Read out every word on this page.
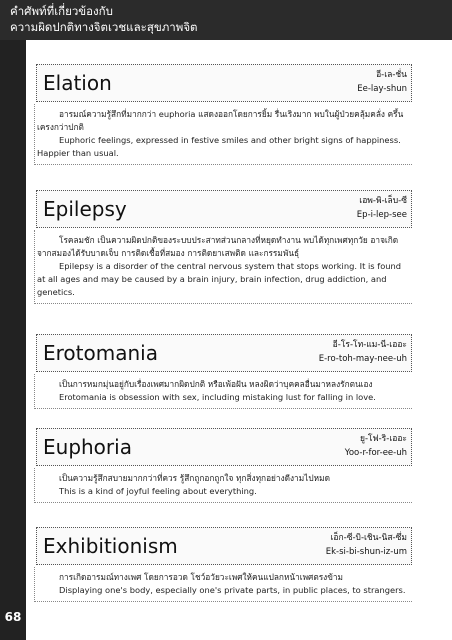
68

คำศัพท์ที่เกี่ยวข้องกับ
ความผิดปกติทางจิตเวชและสุขภาพจิต

Elation	อี-เล-ชั่น
Ee-lay-shun

อารมณ์ความรู้สึกที่มากกว่า euphoria แสดงออกโดยการยิ้ม รื่นเริงมาก พบในผู้ป่วยคลุ้มคลั่ง ครึ้นเครงกว่าปกติ

Euphoric feelings, expressed in festive smiles and other bright signs of happiness. Happier than usual.

Epilepsy	เอพ-พิ-เล็บ-ซี
Ep-i-lep-see

โรคลมชัก เป็นความผิดปกติของระบบประสาทส่วนกลางที่หยุดทำงาน พบได้ทุกเพศทุกวัย อาจเกิดจากสมองได้รับบาดเจ็บ การติดเชื้อที่สมอง การติดยาเสพติด และกรรมพันธุ์

Epilepsy is a disorder of the central nervous system that stops working. It is found at all ages and may be caused by a brain injury, brain infection, drug addiction, and genetics.

Erotomania	อี-โร-โท-แม-นี-เออะ
E-ro-toh-may-nee-uh

เป็นการหมกมุ่นอยู่กับเรื่องเพศมากผิดปกติ หรือเพ้อฝัน หลงผิดว่าบุคคลอื่นมาหลงรักตนเอง

Erotomania is obsession with sex, including mistaking lust for falling in love.

Euphoria	ยู-โฟ-ริ-เออะ
Yoo-r-for-ee-uh

เป็นความรู้สึกสบายมากกว่าที่ควร รู้สึกถูกอกถูกใจ ทุกสิ่งทุกอย่างดีงามไปหมด

This is a kind of joyful feeling about everything.

Exhibitionism	เอ็ก-ซี-บิ-เชิน-นิส-ซึ่ม
Ek-si-bi-shun-iz-um

การเกิดอารมณ์ทางเพศ โดยการอวด โชว์อวัยวะเพศให้คนแปลกหน้าเพศตรงข้าม

Displaying one's body, especially one's private parts, in public places, to strangers.
